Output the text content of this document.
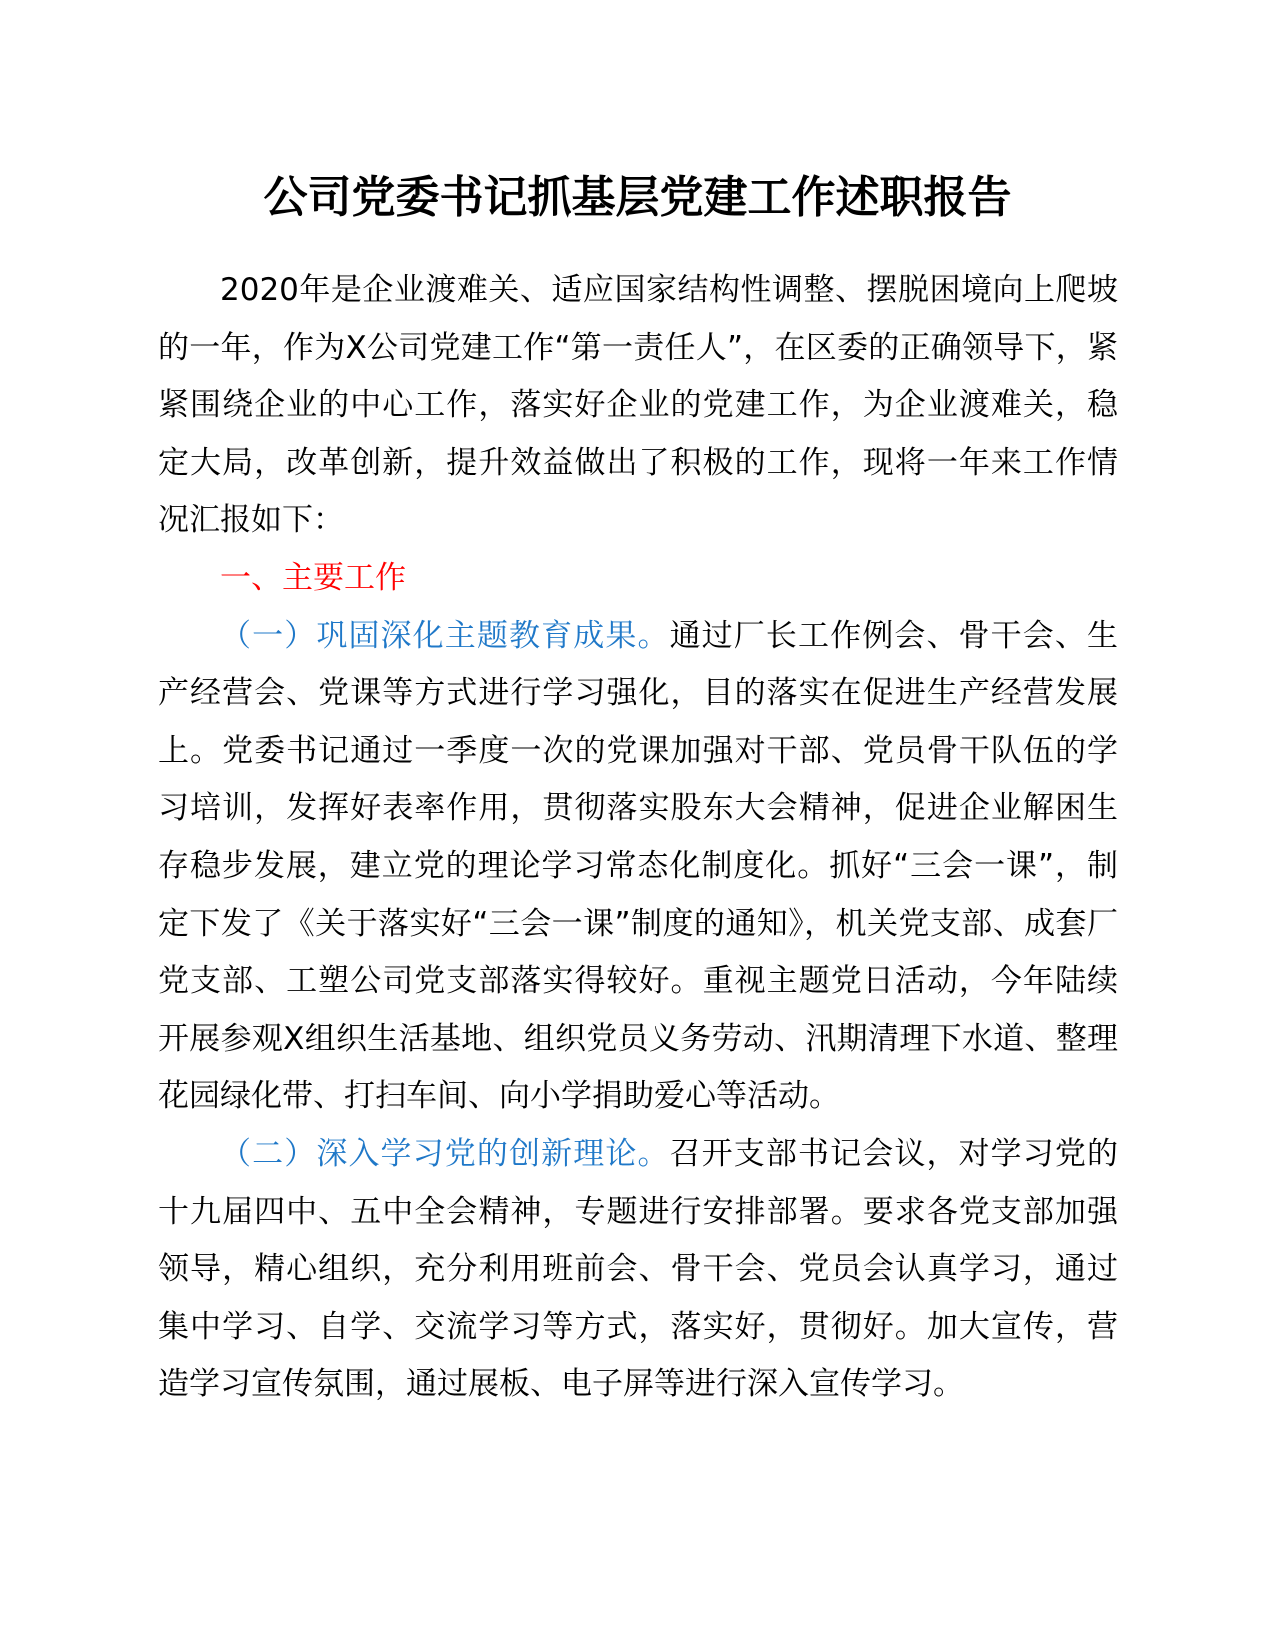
公司党委书记抓基层党建工作述职报告

2020年是企业渡难关、适应国家结构性调整、摆脱困境向上爬坡的一年，作为X公司党建工作“第一责任人”，在区委的正确领导下，紧紧围绕企业的中心工作，落实好企业的党建工作，为企业渡难关，稳定大局，改革创新，提升效益做出了积极的工作，现将一年来工作情况汇报如下：

一、主要工作

（一）巩固深化主题教育成果。通过厂长工作例会、骨干会、生产经营会、党课等方式进行学习强化，目的落实在促进生产经营发展上。党委书记通过一季度一次的党课加强对干部、党员骨干队伍的学习培训，发挥好表率作用，贯彻落实股东大会精神，促进企业解困生存稳步发展，建立党的理论学习常态化制度化。抓好“三会一课”，制定下发了《关于落实好“三会一课”制度的通知》，机关党支部、成套厂党支部、工塑公司党支部落实得较好。重视主题党日活动，今年陆续开展参观X组织生活基地、组织党员义务劳动、汛期清理下水道、整理花园绿化带、打扫车间、向小学捐助爱心等活动。

（二）深入学习党的创新理论。召开支部书记会议，对学习党的十九届四中、五中全会精神，专题进行安排部署。要求各党支部加强领导，精心组织，充分利用班前会、骨干会、党员会认真学习，通过集中学习、自学、交流学习等方式，落实好，贯彻好。加大宣传，营造学习宣传氛围，通过展板、电子屏等进行深入宣传学习。
